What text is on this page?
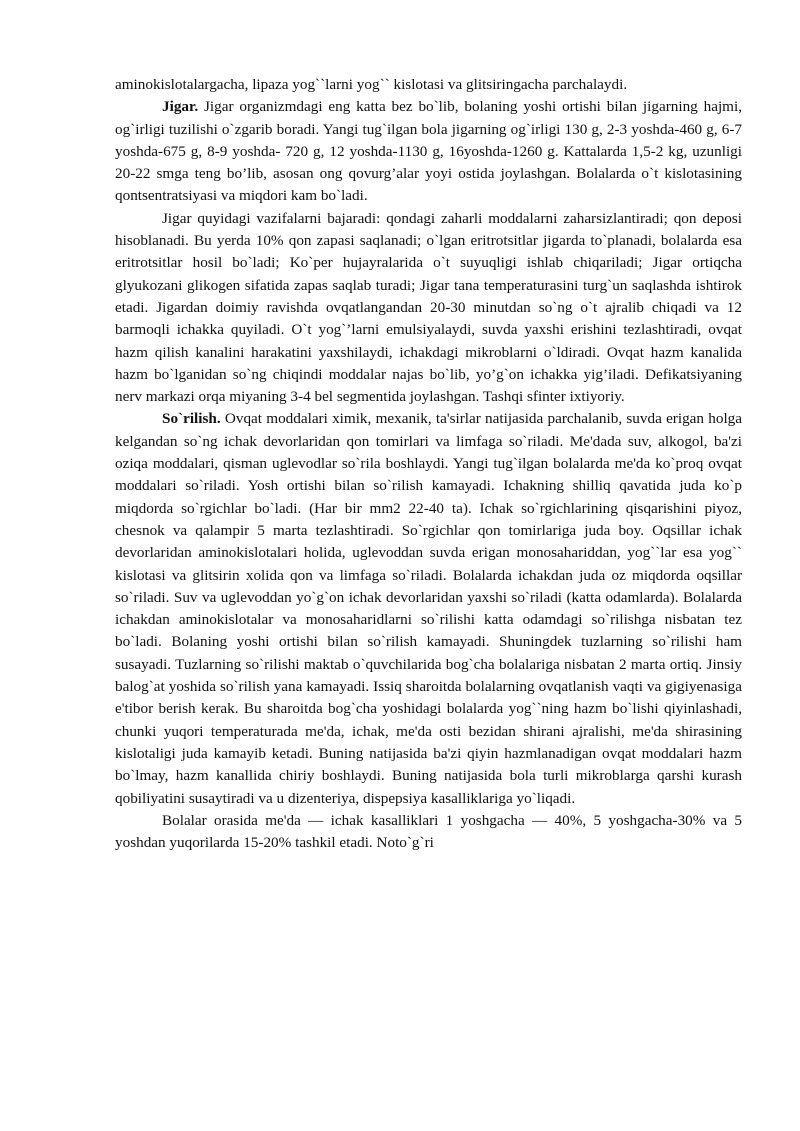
aminokislotalargacha, lipaza yog``larni yog`` kislotasi va glitsiringacha parchalaydi.

Jigar. Jigar organizmdagi eng katta bez bo`lib, bolaning yoshi ortishi bilan jigarning hajmi, og`irligi tuzilishi o`zgarib boradi. Yangi tug`ilgan bola jigarning og`irligi 130 g, 2-3 yoshda-460 g, 6-7 yoshda-675 g, 8-9 yoshda- 720 g, 12 yoshda-1130 g, 16yoshda-1260 g. Kattalarda 1,5-2 kg, uzunligi 20-22 smga teng bo’lib, asosan ong qovurg’alar yoyi ostida joylashgan. Bolalarda o`t kislotasining qontsentratsiyasi va miqdori kam bo`ladi.

Jigar quyidagi vazifalarni bajaradi: qondagi zaharli moddalarni zaharsizlantiradi; qon deposi hisoblanadi. Bu yerda 10% qon zapasi saqlanadi; o`lgan eritrotsitlar jigarda to`planadi, bolalarda esa eritrotsitlar hosil bo`ladi; Ko`per hujayralarida o`t suyuqligi ishlab chiqariladi; Jigar ortiqcha glyukozani glikogen sifatida zapas saqlab turadi; Jigar tana temperaturasini turg`un saqlashda ishtirok etadi. Jigardan doimiy ravishda ovqatlangandan 20-30 minutdan so`ng o`t ajralib chiqadi va 12 barmoqli ichakka quyiladi. O`t yog`’larni emulsiyalaydi, suvda yaxshi erishini tezlashtiradi, ovqat hazm qilish kanalini harakatini yaxshilaydi, ichakdagi mikroblarni o`ldiradi. Ovqat hazm kanalida hazm bo`lganidan so`ng chiqindi moddalar najas bo`lib, yo’g`on ichakka yig’iladi. Defikatsiyaning nerv markazi orqa miyaning 3-4 bel segmentida joylashgan. Tashqi sfinter ixtiyoriy.

So`rilish. Ovqat moddalari ximik, mexanik, ta'sirlar natijasida parchalanib, suvda erigan holga kelgandan so`ng ichak devorlaridan qon tomirlari va limfaga so`riladi. Me'dada suv, alkogol, ba'zi oziqa moddalari, qisman uglevodlar so`rila boshlaydi. Yangi tug`ilgan bolalarda me'da ko`proq ovqat moddalari so`riladi. Yosh ortishi bilan so`rilish kamayadi. Ichakning shilliq qavatida juda ko`p miqdorda so`rgichlar bo`ladi. (Har bir mm2 22-40 ta). Ichak so`rgichlarining qisqarishini piyoz, chesnok va qalampir 5 marta tezlashtiradi. So`rgichlar qon tomirlariga juda boy. Oqsillar ichak devorlaridan aminokislotalari holida, uglevoddan suvda erigan monosahariddan, yog``lar esa yog`` kislotasi va glitsirin xolida qon va limfaga so`riladi. Bolalarda ichakdan juda oz miqdorda oqsillar so`riladi. Suv va uglevoddan yo`g`on ichak devorlaridan yaxshi so`riladi (katta odamlarda). Bolalarda ichakdan aminokislotalar va monosaharidlarni so`rilishi katta odamdagi so`rilishga nisbatan tez bo`ladi. Bolaning yoshi ortishi bilan so`rilish kamayadi. Shuningdek tuzlarning so`rilishi ham susayadi. Tuzlarning so`rilishi maktab o`quvchilarida bog`cha bolalariga nisbatan 2 marta ortiq. Jinsiy balog`at yoshida so`rilish yana kamayadi. Issiq sharoitda bolalarning ovqatlanish vaqti va gigiyenasiga e'tibor berish kerak. Bu sharoitda bog`cha yoshidagi bolalarda yog``ning hazm bo`lishi qiyinlashadi, chunki yuqori temperaturada me'da, ichak, me'da osti bezidan shirani ajralishi, me'da shirasining kislotaligi juda kamayib ketadi. Buning natijasida ba'zi qiyin hazmlanadigan ovqat moddalari hazm bo`lmay, hazm kanallida chiriy boshlaydi. Buning natijasida bola turli mikroblarga qarshi kurash qobiliyatini susaytiradi va u dizenteriya, dispepsiya kasalliklariga yo`liqadi.

Bolalar orasida me'da — ichak kasalliklari 1 yoshgacha — 40%, 5 yoshgacha-30% va 5 yoshdan yuqorilarda 15-20% tashkil etadi. Noto`g`ri
